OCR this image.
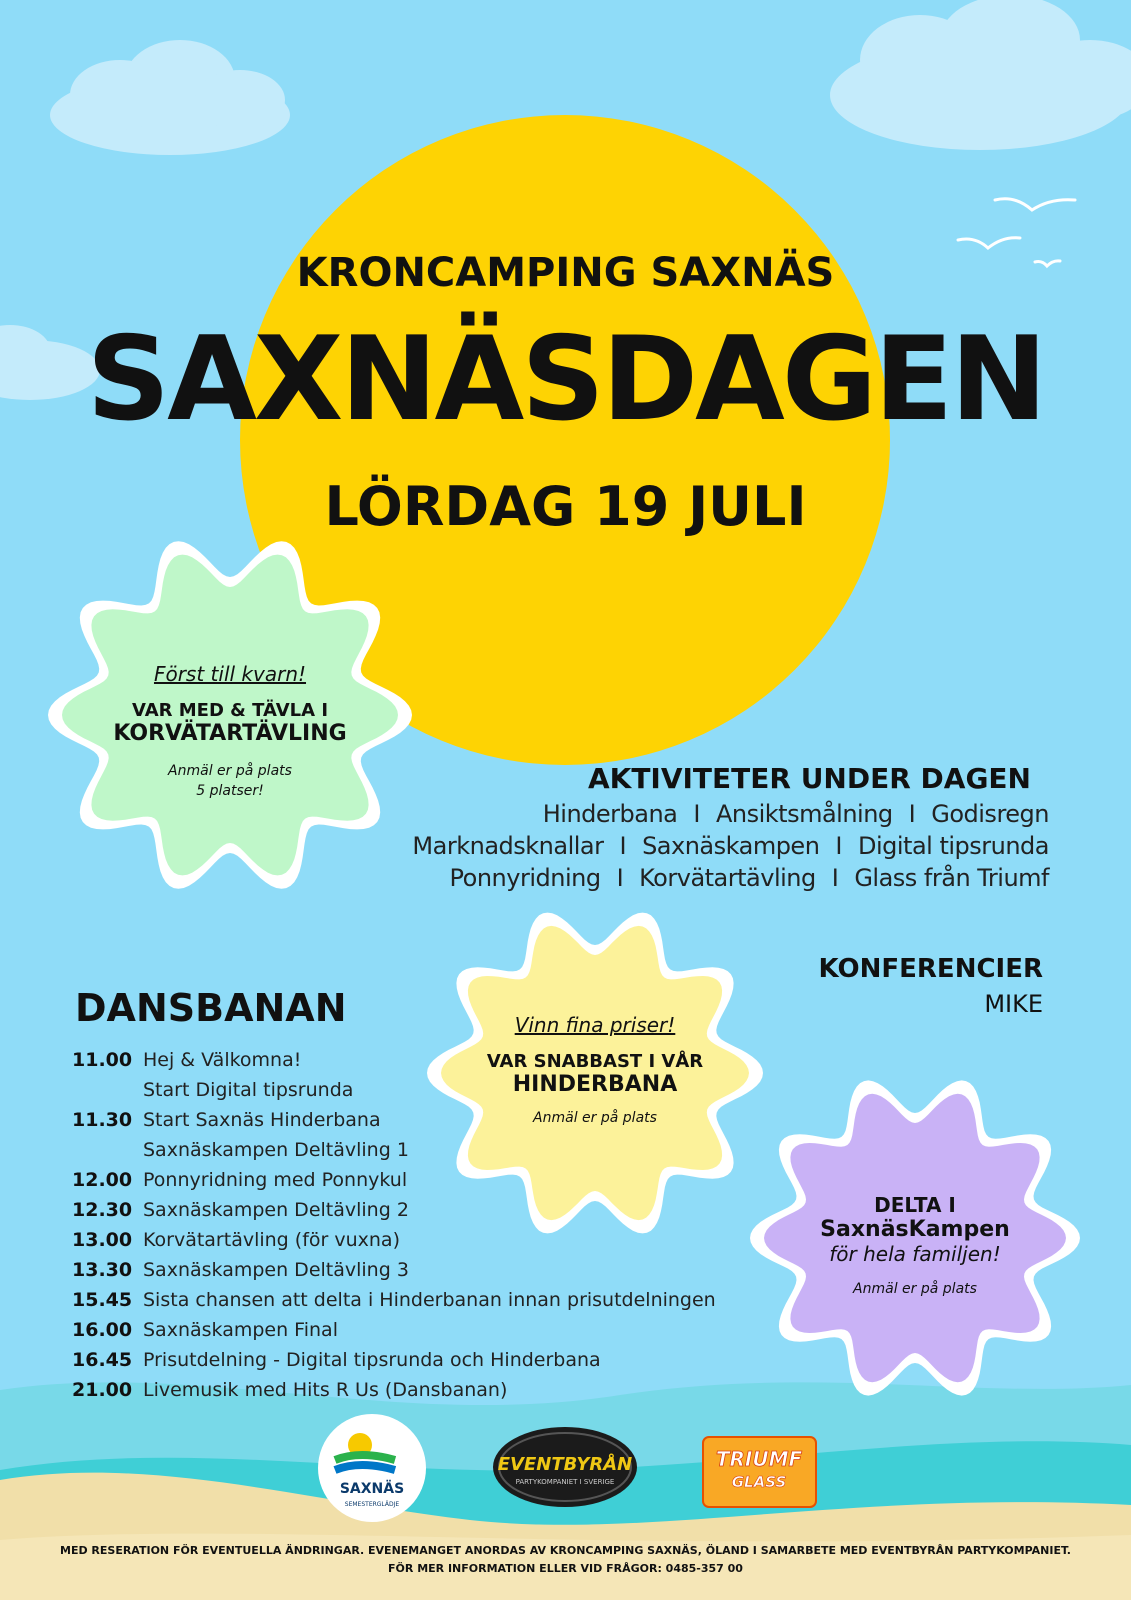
SAXNÄS
SEMESTERGLÄDJE
EVENTBYRÅN
PARTYKOMPANIET I SVERIGE
TRIUMF
GLASS
KRONCAMPING SAXNÄS
SAXNÄSDAGEN
LÖRDAG 19 JULI
Först till kvarn!
VAR MED & TÄVLA I
KORVÄTARTÄVLING
Anmäl er på plats
5 platser!
Vinn fina priser!
VAR SNABBAST I VÅR
HINDERBANA
Anmäl er på plats
DELTA I
SaxnäsKampen
för hela familjen!
Anmäl er på plats
AKTIVITETER UNDER DAGEN
Hinderbana I Ansiktsmålning I Godisregn
Marknadsknallar I Saxnäskampen I Digital tipsrunda
Ponnyridning I Korvätartävling I Glass från Triumf
KONFERENCIER
MIKE
DANSBANAN
11.00 Hej & Välkomna!
Start Digital tipsrunda
11.30 Start Saxnäs Hinderbana
Saxnäskampen Deltävling 1
12.00 Ponnyridning med Ponnykul
12.30 Saxnäskampen Deltävling 2
13.00 Korvätartävling (för vuxna)
13.30 Saxnäskampen Deltävling 3
15.45 Sista chansen att delta i Hinderbanan innan prisutdelningen
16.00 Saxnäskampen Final
16.45 Prisutdelning - Digital tipsrunda och Hinderbana
21.00 Livemusik med Hits R Us (Dansbanan)
MED RESERATION FÖR EVENTUELLA ÄNDRINGAR. EVENEMANGET ANORDAS AV KRONCAMPING SAXNÄS, ÖLAND I SAMARBETE MED EVENTBYRÅN PARTYKOMPANIET.
FÖR MER INFORMATION ELLER VID FRÅGOR: 0485-357 00
